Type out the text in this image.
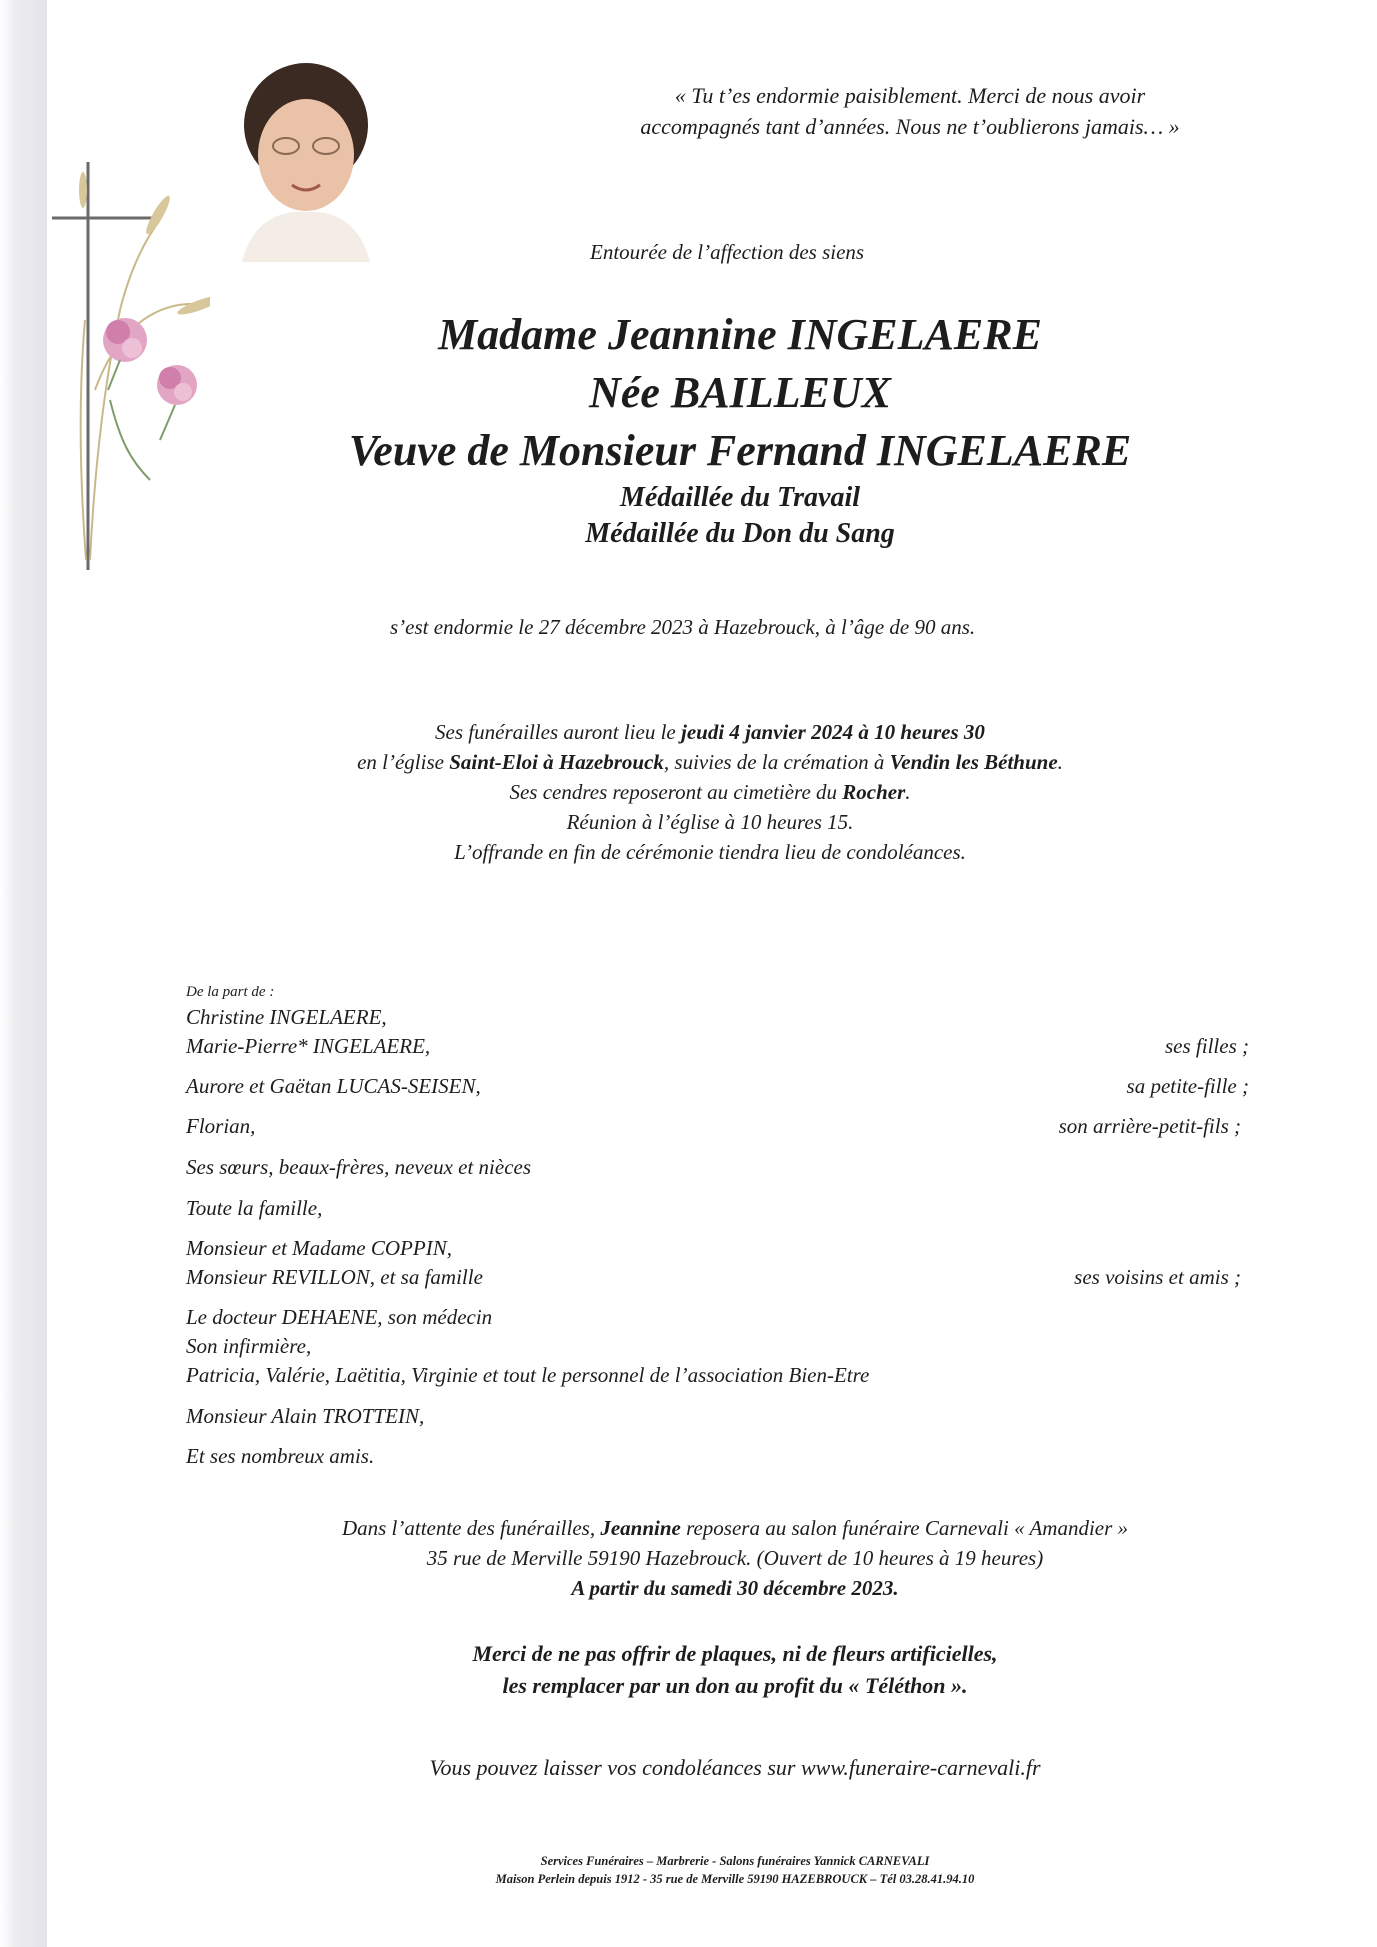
« Tu t’es endormie paisiblement. Merci de nous avoir
accompagnés tant d’années. Nous ne t’oublierons jamais… »
Entourée de l’affection des siens
Madame Jeannine INGELAERE
Née BAILLEUX
Veuve de Monsieur Fernand INGELAERE
Médaillée du Travail
Médaillée du Don du Sang
s’est endormie le 27 décembre 2023 à Hazebrouck, à l’âge de 90 ans.
Ses funérailles auront lieu le jeudi 4 janvier 2024 à 10 heures 30
en l’église Saint-Eloi à Hazebrouck, suivies de la crémation à Vendin les Béthune.
Ses cendres reposeront au cimetière du Rocher.
Réunion à l’église à 10 heures 15.
L’offrande en fin de cérémonie tiendra lieu de condoléances.
De la part de :
Christine INGELAERE,
Marie-Pierre* INGELAERE,
Aurore et Gaëtan LUCAS-SEISEN,
Florian,
Ses sœurs, beaux-frères, neveux et nièces
Toute la famille,
Monsieur et Madame COPPIN,
Monsieur REVILLON, et sa famille
Le docteur DEHAENE, son médecin
Son infirmière,
Patricia, Valérie, Laëtitia, Virginie et tout le personnel de l’association Bien-Etre
Monsieur Alain TROTTEIN,
Et ses nombreux amis.
ses filles ;
sa petite-fille ;
son arrière-petit-fils ;
ses voisins et amis ;
Dans l’attente des funérailles, Jeannine reposera au salon funéraire Carnevali « Amandier »
35 rue de Merville 59190 Hazebrouck. (Ouvert de 10 heures à 19 heures)
A partir du samedi 30 décembre 2023.
Merci de ne pas offrir de plaques, ni de fleurs artificielles,
les remplacer par un don au profit du « Téléthon ».
Vous pouvez laisser vos condoléances sur www.funeraire-carnevali.fr
Services Funéraires – Marbrerie - Salons funéraires Yannick CARNEVALI
Maison Perlein depuis 1912 - 35 rue de Merville 59190 HAZEBROUCK – Tél 03.28.41.94.10
